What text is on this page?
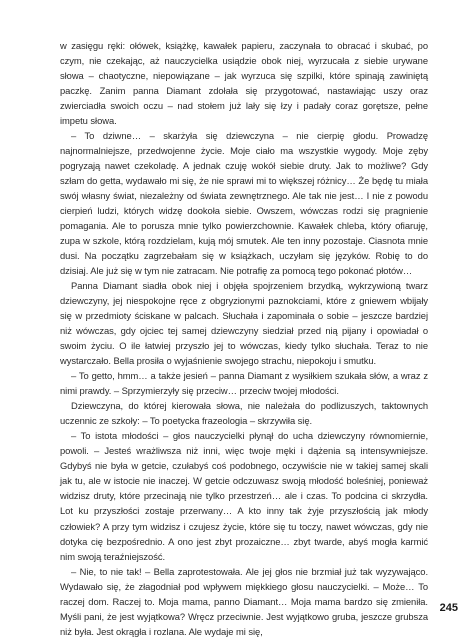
w zasięgu ręki: ołówek, książkę, kawałek papieru, zaczynała to obracać i skubać, po czym, nie czekając, aż nauczycielka usiądzie obok niej, wyrzucała z siebie urywane słowa – chaotyczne, niepowiązane – jak wyrzuca się szpilki, które spinają zawiniętą paczkę. Zanim panna Diamant zdołała się przygotować, nastawiając uszy oraz zwierciadła swoich oczu – nad stołem już lały się łzy i padały coraz gorętsze, pełne impetu słowa.

– To dziwne… – skarżyła się dziewczyna – nie cierpię głodu. Prowadzę najnormalniejsze, przedwojenne życie. Moje ciało ma wszystkie wygody. Moje zęby pogryzają nawet czekoladę. A jednak czuję wokół siebie druty. Jak to możliwe? Gdy szłam do getta, wydawało mi się, że nie sprawi mi to większej różnicy… Że będę tu miała swój własny świat, niezależny od świata zewnętrznego. Ale tak nie jest… I nie z powodu cierpień ludzi, których widzę dookoła siebie. Owszem, wówczas rodzi się pragnienie pomagania. Ale to porusza mnie tylko powierzchownie. Kawałek chleba, który ofiaruję, zupa w szkole, którą rozdzielam, kują mój smutek. Ale ten inny pozostaje. Ciasnota mnie dusi. Na początku zagrzebałam się w książkach, uczyłam się języków. Robię to do dzisiaj. Ale już się w tym nie zatracam. Nie potrafię za pomocą tego pokonać płotów…

Panna Diamant siadła obok niej i objęła spojrzeniem brzydką, wykrzywioną twarz dziewczyny, jej niespokojne ręce z obgryzionymi paznokciami, które z gniewem wbijały się w przedmioty ściskane w palcach. Słuchała i zapominała o sobie – jeszcze bardziej niż wówczas, gdy ojciec tej samej dziewczyny siedział przed nią pijany i opowiadał o swoim życiu. O ile łatwiej przyszło jej to wówczas, kiedy tylko słuchała. Teraz to nie wystarczało. Bella prosiła o wyjaśnienie swojego strachu, niepokoju i smutku.

– To getto, hmm… a także jesień – panna Diamant z wysiłkiem szukała słów, a wraz z nimi prawdy. – Sprzymierzyły się przeciw… przeciw twojej młodości.

Dziewczyna, do której kierowała słowa, nie należała do podlizuszych, taktownych uczennic ze szkoły: – To poetycka frazeologia – skrzywiła się.

– To istota młodości – głos nauczycielki płynął do ucha dziewczyny równomiernie, powoli. – Jesteś wrażliwsza niż inni, więc twoje męki i dążenia są intensywniejsze. Gdybyś nie była w getcie, czułabyś coś podobnego, oczywiście nie w takiej samej skali jak tu, ale w istocie nie inaczej. W getcie odczuwasz swoją młodość boleśniej, ponieważ widzisz druty, które przecinają nie tylko przestrzeń… ale i czas. To podcina ci skrzydła. Lot ku przyszłości zostaje przerwany… A kto inny tak żyje przyszłością jak młody człowiek? A przy tym widzisz i czujesz życie, które się tu toczy, nawet wówczas, gdy nie dotyka cię bezpośrednio. A ono jest zbyt prozaiczne… zbyt twarde, abyś mogła karmić nim swoją teraźniejszość.

– Nie, to nie tak! – Bella zaprotestowała. Ale jej głos nie brzmiał już tak wyzywająco. Wydawało się, że złagodniał pod wpływem miękkiego głosu nauczycielki. – Może… To raczej dom. Raczej to. Moja mama, panno Diamant… Moja mama bardzo się zmieniła. Myśli pani, że jest wyjątkowa? Wręcz przeciwnie. Jest wyjątkowo gruba, jeszcze grubsza niż była. Jest okrągła i rozlana. Ale wydaje mi się,

245
